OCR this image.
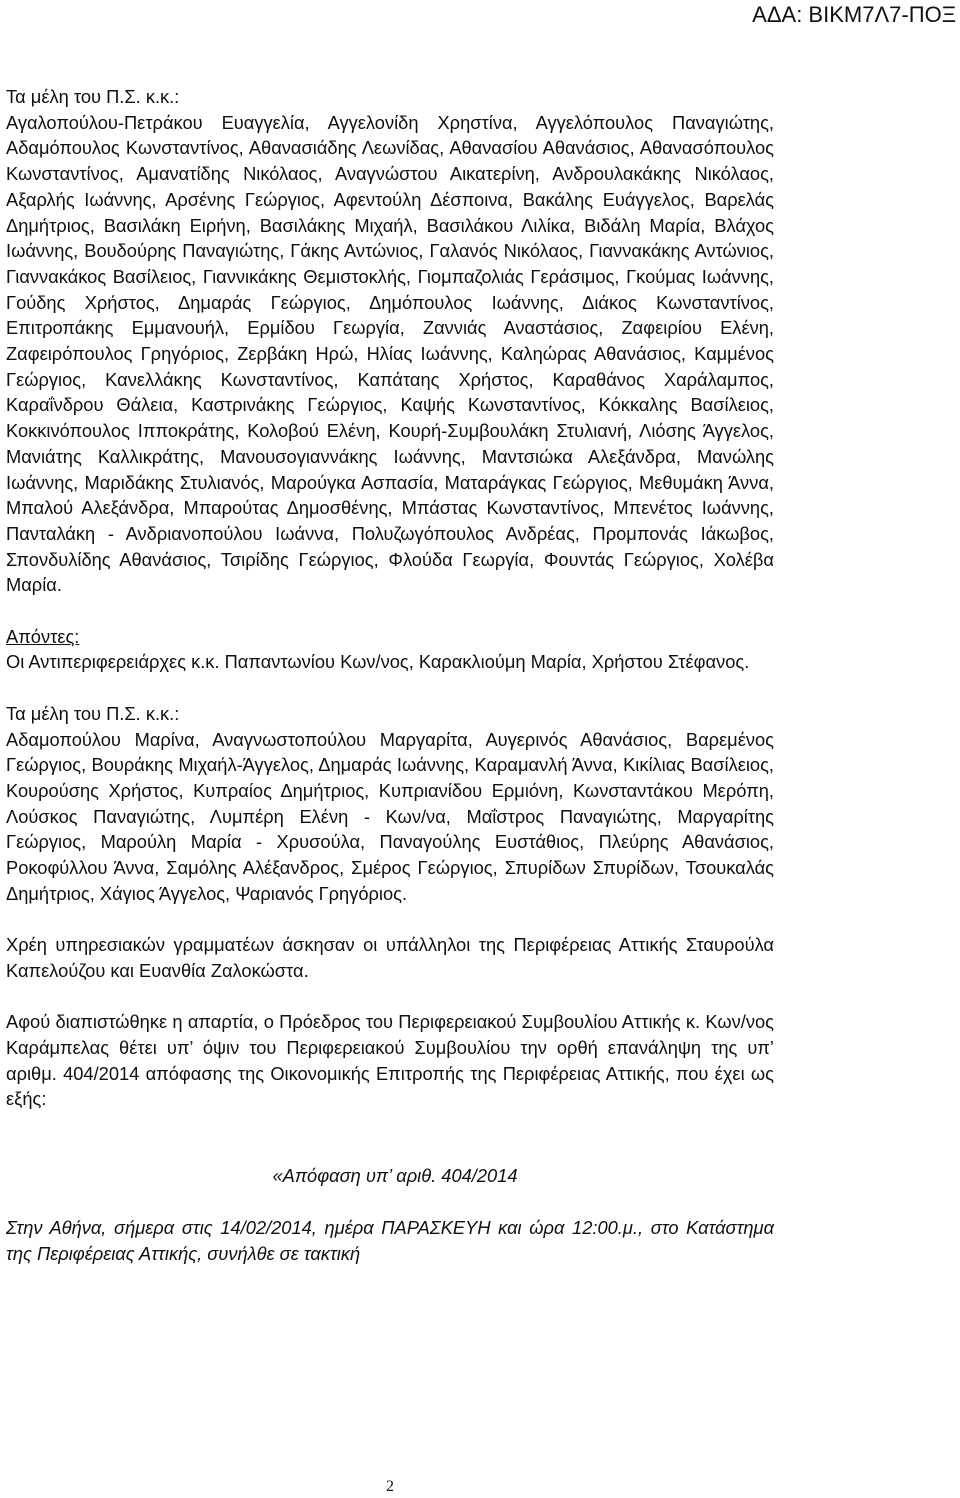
ΑΔΑ: ΒΙΚΜ7Λ7-ΠΟΞ

Τα μέλη του Π.Σ. κ.κ.:

Αγαλοπούλου-Πετράκου Ευαγγελία, Αγγελονίδη Χρηστίνα, Αγγελόπουλος Παναγιώτης, Αδαμόπουλος Κωνσταντίνος, Αθανασιάδης Λεωνίδας, Αθανασίου Αθανάσιος, Αθανασόπουλος Κωνσταντίνος, Αμανατίδης Νικόλαος, Αναγνώστου Αικατερίνη, Ανδρουλακάκης Νικόλαος, Αξαρλής Ιωάννης, Αρσένης Γεώργιος, Αφεντούλη Δέσποινα, Βακάλης Ευάγγελος, Βαρελάς Δημήτριος, Βασιλάκη Ειρήνη, Βασιλάκης Μιχαήλ, Βασιλάκου Λιλίκα, Βιδάλη Μαρία, Βλάχος Ιωάννης, Βουδούρης Παναγιώτης, Γάκης Αντώνιος, Γαλανός Νικόλαος, Γιαννακάκης Αντώνιος, Γιαννακάκος Βασίλειος, Γιαννικάκης Θεμιστοκλής, Γιομπαζολιάς Γεράσιμος, Γκούμας Ιωάννης, Γούδης Χρήστος, Δημαράς Γεώργιος, Δημόπουλος Ιωάννης, Διάκος Κωνσταντίνος, Επιτροπάκης Εμμανουήλ, Ερμίδου Γεωργία, Ζαννιάς Αναστάσιος, Ζαφειρίου Ελένη, Ζαφειρόπουλος Γρηγόριος, Ζερβάκη Ηρώ, Ηλίας Ιωάννης, Καληώρας Αθανάσιος, Καμμένος Γεώργιος, Κανελλάκης Κωνσταντίνος, Καπάταης Χρήστος, Καραθάνος Χαράλαμπος, Καραΐνδρου Θάλεια, Καστρινάκης Γεώργιος, Καψής Κωνσταντίνος, Κόκκαλης Βασίλειος, Κοκκινόπουλος Ιπποκράτης, Κολοβού Ελένη, Κουρή-Συμβουλάκη Στυλιανή, Λιόσης Άγγελος, Μανιάτης Καλλικράτης, Μανουσογιαννάκης Ιωάννης, Μαντσιώκα Αλεξάνδρα, Μανώλης Ιωάννης, Μαριδάκης Στυλιανός, Μαρούγκα Ασπασία, Ματαράγκας Γεώργιος, Μεθυμάκη Άννα, Μπαλού Αλεξάνδρα, Μπαρούτας Δημοσθένης, Μπάστας Κωνσταντίνος, Μπενέτος Ιωάννης, Πανταλάκη - Ανδριανοπούλου Ιωάννα, Πολυζωγόπουλος Ανδρέας, Προμπονάς Ιάκωβος, Σπονδυλίδης Αθανάσιος, Τσιρίδης Γεώργιος, Φλούδα Γεωργία, Φουντάς Γεώργιος, Χολέβα Μαρία.

Απόντες:

Οι Αντιπεριφερειάρχες κ.κ. Παπαντωνίου Κων/νος, Καρακλιούμη Μαρία, Χρήστου Στέφανος.

Τα μέλη του Π.Σ. κ.κ.:

Αδαμοπούλου Μαρίνα, Αναγνωστοπούλου Μαργαρίτα, Αυγερινός Αθανάσιος, Βαρεμένος Γεώργιος, Βουράκης Μιχαήλ-Άγγελος, Δημαράς Ιωάννης, Καραμανλή Άννα, Κικίλιας Βασίλειος, Κουρούσης Χρήστος, Κυπραίος Δημήτριος, Κυπριανίδου Ερμιόνη, Κωνσταντάκου Μερόπη, Λούσκος Παναγιώτης, Λυμπέρη Ελένη - Κων/να, Μαΐστρος Παναγιώτης, Μαργαρίτης Γεώργιος, Μαρούλη Μαρία - Χρυσούλα, Παναγούλης Ευστάθιος, Πλεύρης Αθανάσιος, Ροκοφύλλου Άννα, Σαμόλης Αλέξανδρος, Σμέρος Γεώργιος, Σπυρίδων Σπυρίδων, Τσουκαλάς Δημήτριος, Χάγιος Άγγελος, Ψαριανός Γρηγόριος.

Χρέη υπηρεσιακών γραμματέων άσκησαν οι υπάλληλοι της Περιφέρειας Αττικής Σταυρούλα Καπελούζου και Ευανθία Ζαλοκώστα.

Αφού διαπιστώθηκε η απαρτία, ο Πρόεδρος του Περιφερειακού Συμβουλίου Αττικής κ. Κων/νος Καράμπελας θέτει υπ’ όψιν του Περιφερειακού Συμβουλίου την ορθή επανάληψη της υπ’ αριθμ. 404/2014 απόφασης της Οικονομικής Επιτροπής της Περιφέρειας Αττικής, που έχει ως εξής:

«Απόφαση υπ’ αριθ. 404/2014

Στην Αθήνα, σήμερα στις 14/02/2014, ημέρα ΠΑΡΑΣΚΕΥΗ και ώρα 12:00.μ., στο Κατάστημα της Περιφέρειας Αττικής, συνήλθε σε τακτική

2
